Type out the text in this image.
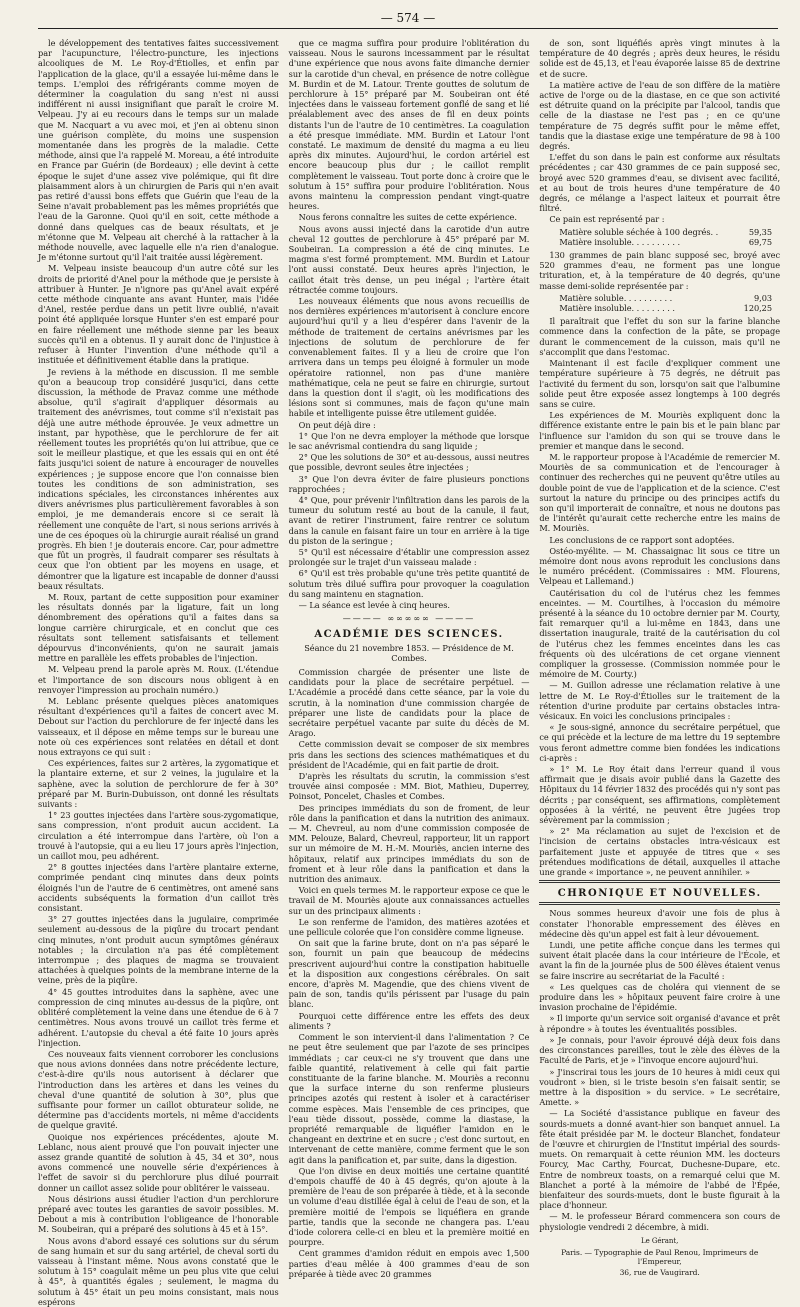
— 574 —

le développement des tentatives faites successivement par l'acupuncture, l'électro-puncture, les injections alcooliques de M. Le Roy-d'Étiolles, et enfin par l'application de la glace, qu'il a essayée lui-même dans le temps. L'emploi des réfrigérants comme moyen de déterminer la coagulation du sang n'est ni aussi indifférent ni aussi insignifiant que paraît le croire M. Velpeau. J'y ai eu recours dans le temps sur un malade que M. Nacquart a vu avec moi, et j'en ai obtenu sinon une guérison complète, du moins une suspension momentanée dans les progrès de la maladie. Cette méthode, ainsi que l'a rappelé M. Moreau, a été introduite en France par Guérin (de Bordeaux) ; elle devint à cette époque le sujet d'une assez vive polémique, qui fit dire plaisamment alors à un chirurgien de Paris qui n'en avait pas retiré d'aussi bons effets que Guérin que l'eau de la Seine n'avait probablement pas les mêmes propriétés que l'eau de la Garonne. Quoi qu'il en soit, cette méthode a donné dans quelques cas de beaux résultats, et je m'étonne que M. Velpeau ait cherché à la rattacher à la méthode nouvelle, avec laquelle elle n'a rien d'analogue. Je m'étonne surtout qu'il l'ait traitée aussi légèrement.

M. Velpeau insiste beaucoup d'un autre côté sur les droits de priorité d'Anel pour la méthode que je persiste à attribuer à Hunter. Je n'ignore pas qu'Anel avait expéré cette méthode cinquante ans avant Hunter, mais l'idée d'Anel, restée perdue dans un petit livre oublié, n'avait point été appliquée lorsque Hunter s'en est emparé pour en faire réellement une méthode sienne par les beaux succès qu'il en a obtenus. Il y aurait donc de l'injustice à refuser à Hunter l'invention d'une méthode qu'il a instituée et définitivement établie dans la pratique.

Je reviens à la méthode en discussion. Il me semble qu'on a beaucoup trop considéré jusqu'ici, dans cette discussion, la méthode de Pravaz comme une méthode absolue, qu'il s'agirait d'appliquer désormais au traitement des anévrismes, tout comme s'il n'existait pas déjà une autre méthode éprouvée. Je veux admettre un instant, par hypothèse, que le perchlorure de fer ait réellement toutes les propriétés qu'on lui attribue, que ce soit le meilleur plastique, et que les essais qui en ont été faits jusqu'ici soient de nature à encourager de nouvelles expériences ; je suppose encore que l'on connaisse bien toutes les conditions de son administration, ses indications spéciales, les circonstances inhérentes aux divers anévrismes plus particulièrement favorables à son emploi, je me demanderais encore si ce serait là réellement une conquête de l'art, si nous serions arrivés à une de ces époques où la chirurgie aurait réalisé un grand progrès. Eh bien ! je douterais encore. Car, pour admettre que fût un progrès, il faudrait comparer ses résultats à ceux que l'on obtient par les moyens en usage, et démontrer que la ligature est incapable de donner d'aussi beaux résultats.

M. Roux, partant de cette supposition pour examiner les résultats donnés par la ligature, fait un long dénombrement des opérations qu'il a faites dans sa longue carrière chirurgicale, et en conclut que ces résultats sont tellement satisfaisants et tellement dépourvus d'inconvénients, qu'on ne saurait jamais mettre en parallèle les effets probables de l'injection.

M. Velpeau prend la parole après M. Roux. (L'étendue et l'importance de son discours nous obligent à en renvoyer l'impression au prochain numéro.)

M. Leblanc présente quelques pièces anatomiques résultant d'expériences qu'il a faites de concert avec M. Debout sur l'action du perchlorure de fer injecté dans les vaisseaux, et il dépose en même temps sur le bureau une note où ces expériences sont relatées en détail et dont nous extrayons ce qui suit :

Ces expériences, faites sur 2 artères, la zygomatique et la plantaire externe, et sur 2 veines, la jugulaire et la saphène, avec la solution de perchlorure de fer à 30° préparé par M. Burin-Dubuisson, ont donné les résultats suivants :

1° 23 gouttes injectées dans l'artère sous-zygomatique, sans compression, n'ont produit aucun accident. La circulation a été interrompue dans l'artère, où l'on a trouvé à l'autopsie, qui a eu lieu 17 jours après l'injection, un caillot mou, peu adhérent.

2° 8 gouttes injectées dans l'artère plantaire externe, comprimée pendant cinq minutes dans deux points éloignés l'un de l'autre de 6 centimètres, ont amené sans accidents subséquents la formation d'un caillot très consistant.

3° 27 gouttes injectées dans la jugulaire, comprimée seulement au-dessous de la piqûre du trocart pendant cinq minutes, n'ont produit aucun symptômes généraux notables ; la circulation n'a pas été complètement interrompue ; des plaques de magma se trouvaient attachées à quelques points de la membrane interne de la veine, près de la piqûre.

4° 45 gouttes introduites dans la saphène, avec une compression de cinq minutes au-dessus de la piqûre, ont oblitéré complètement la veine dans une étendue de 6 à 7 centimètres. Nous avons trouvé un caillot très ferme et adhérent. L'autopsie du cheval a été faite 10 jours après l'injection.

Ces nouveaux faits viennent corroborer les conclusions que nous avions données dans notre précédente lecture, c'est-à-dire qu'ils nous autorisent à déclarer que l'introduction dans les artères et dans les veines du cheval d'une quantité de solution à 30°, plus que suffisante pour former un caillot obturateur solide, ne détermine pas d'accidents mortels, ni même d'accidents de quelque gravité.

Quoique nos expériences précédentes, ajoute M. Leblanc, nous aient prouvé que l'on pouvait injecter une assez grande quantité de solution à 45, 34 et 30°, nous avons commencé une nouvelle série d'expériences à l'effet de savoir si du perchlorure plus dilué pourrait donner un caillot assez solide pour oblitérer le vaisseau.

Nous désirions aussi étudier l'action d'un perchlorure préparé avec toutes les garanties de savoir possibles. M. Debout a mis à contribution l'obligeance de l'honorable M. Soubeiran, qui a préparé des solutions à 45 et à 15°.

Nous avons d'abord essayé ces solutions sur du sérum de sang humain et sur du sang artériel, de cheval sorti du vaisseau à l'instant même. Nous avons constaté que le solutum à 15° coagulait même un peu plus vite que celui à 45°, à quantités égales ; seulement, le magma du solutum à 45° était un peu moins consistant, mais nous espérons

que ce magma suffira pour produire l'oblitération du vaisseau. Nous le saurons incessamment par le résultat d'une expérience que nous avons faite dimanche dernier sur la carotide d'un cheval, en présence de notre collègue M. Burdin et de M. Latour. Trente gouttes de solutum de perchlorure à 15° préparé par M. Soubeiran ont été injectées dans le vaisseau fortement gonflé de sang et lié préalablement avec des anses de fil en deux points distants l'un de l'autre de 10 centimètres. La coagulation a été presque immédiate. MM. Burdin et Latour l'ont constaté. Le maximum de densité du magma a eu lieu après dix minutes. Aujourd'hui, le cordon artériel est encore beaucoup plus dur ; le caillot remplit complètement le vaisseau. Tout porte donc à croire que le solutum à 15° suffira pour produire l'oblitération. Nous avons maintenu la compression pendant vingt-quatre heures.

Nous ferons connaître les suites de cette expérience.

Nous avons aussi injecté dans la carotide d'un autre cheval 12 gouttes de perchlorure à 45° préparé par M. Soubeiran. La compression a été de cinq minutes. Le magma s'est formé promptement. MM. Burdin et Latour l'ont aussi constaté. Deux heures après l'injection, le caillot était très dense, un peu inégal ; l'artère était rétractée comme toujours.

Les nouveaux éléments que nous avons recueillis de nos dernières expériences m'autorisent à conclure encore aujourd'hui qu'il y a lieu d'espérer dans l'avenir de la méthode de traitement de certains anévrismes par les injections de solutum de perchlorure de fer convenablement faites. Il y a lieu de croire que l'on arrivera dans un temps peu éloigné à formuler un mode opératoire rationnel, non pas d'une manière mathématique, cela ne peut se faire en chirurgie, surtout dans la question dont il s'agit, où les modifications des lésions sont si communes, mais de façon qu'une main habile et intelligente puisse être utilement guidée.

On peut déjà dire :

1° Que l'on ne devra employer la méthode que lorsque le sac anévrismal contiendra du sang liquide ;

2° Que les solutions de 30° et au-dessous, aussi neutres que possible, devront seules être injectées ;

3° Que l'on devra éviter de faire plusieurs ponctions rapprochées ;

4° Que, pour prévenir l'infiltration dans les parois de la tumeur du solutum resté au bout de la canule, il faut, avant de retirer l'instrument, faire rentrer ce solutum dans la canule en faisant faire un tour en arrière à la tige du piston de la seringue ;

5° Qu'il est nécessaire d'établir une compression assez prolongée sur le trajet d'un vaisseau malade :

6° Qu'il est très probable qu'une très petite quantité de solutum très dilué suffira pour provoquer la coagulation du sang maintenu en stagnation.

— La séance est levée à cinq heures.

———— ∞∞∞∞∞ ————
ACADÉMIE DES SCIENCES.
Séance du 21 novembre 1853. — Présidence de M. Combes.

Commission chargée de présenter une liste de candidats pour la place de secrétaire perpétuel. — L'Académie a procédé dans cette séance, par la voie du scrutin, à la nomination d'une commission chargée de préparer une liste de candidats pour la place de secrétaire perpétuel vacante par suite du décès de M. Arago.

Cette commission devait se composer de six membres pris dans les sections des sciences mathématiques et du président de l'Académie, qui en fait partie de droit.

D'après les résultats du scrutin, la commission s'est trouvée ainsi composée : MM. Biot, Mathieu, Duperrey, Poinsot, Poncelet, Chasles et Combes.

Des principes immédiats du son de froment, de leur rôle dans la panification et dans la nutrition des animaux. — M. Chevreul, au nom d'une commission composée de MM. Pelouze, Balard, Chevreul, rapporteur, lit un rapport sur un mémoire de M. H.-M. Mouriès, ancien interne des hôpitaux, relatif aux principes immédiats du son de froment et à leur rôle dans la panification et dans la nutrition des animaux.

Voici en quels termes M. le rapporteur expose ce que le travail de M. Mouriès ajoute aux connaissances actuelles sur un des principaux aliments :

Le son renferme de l'amidon, des matières azotées et une pellicule colorée que l'on considère comme ligneuse.

On sait que la farine brute, dont on n'a pas séparé le son, fournit un pain que beaucoup de médecins prescrivent aujourd'hui contre la constipation habituelle et la disposition aux congestions cérébrales. On sait encore, d'après M. Magendie, que des chiens vivent de pain de son, tandis qu'ils périssent par l'usage du pain blanc.

Pourquoi cette différence entre les effets des deux aliments ?

Comment le son intervient-il dans l'alimentation ? Ce ne peut être seulement que par l'azote de ses principes immédiats ; car ceux-ci ne s'y trouvent que dans une faible quantité, relativement à celle qui fait partie constituante de la farine blanche. M. Mouriès a reconnu que la surface interne du son renferme plusieurs principes azotés qui restent à isoler et à caractériser comme espèces. Mais l'ensemble de ces principes, que l'eau tiède dissout, possède, comme la diastase, la propriété remarquable de liquéfier l'amidon en le changeant en dextrine et en sucre ; c'est donc surtout, en intervenant de cette manière, comme ferment que le son agit dans la panification et, par suite, dans la digestion.

Que l'on divise en deux moitiés une certaine quantité d'empois chauffé de 40 à 45 degrés, qu'on ajoute à la première de l'eau de son préparée à tiède, et à la seconde un volume d'eau distillée égal à celui de l'eau de son, et la première moitié de l'empois se liquéfiera en grande partie, tandis que la seconde ne changera pas. L'eau d'iode colorera celle-ci en bleu et la première moitié en pourpre.

Cent grammes d'amidon réduit en empois avec 1,500 parties d'eau mêlée à 400 grammes d'eau de son préparée à tiède avec 20 grammes

de son, sont liquéfiés après vingt minutes à la température de 40 degrés ; après deux heures, le résidu solide est de 45,13, et l'eau évaporée laisse 85 de dextrine et de sucre.

La matière active de l'eau de son diffère de la matière active de l'orge ou de la diastase, en ce que son activité est détruite quand on la précipite par l'alcool, tandis que celle de la diastase ne l'est pas ; en ce qu'une température de 75 degrés suffit pour le même effet, tandis que la diastase exige une température de 98 à 100 degrés.

L'effet du son dans le pain est conforme aux résultats précédentes ; car 430 grammes de ce pain supposé sec, broyé avec 520 grammes d'eau, se divisent avec facilité, et au bout de trois heures d'une température de 40 degrés, ce mélange a l'aspect laiteux et pourrait être filtré.

Ce pain est représenté par :

Matière soluble séchée à 100 degrés. .	59,35
Matière insoluble. . . . . . . . . .	69,75

130 grammes de pain blanc supposé sec, broyé avec 520 grammes d'eau, ne forment pas une longue trituration, et, à la température de 40 degrés, qu'une masse demi-solide représentée par :

Matière soluble. . . . . . . . . .	9,03
Matière insoluble. . . . . . . . .	120,25

Il paraîtrait que l'effet du son sur la farine blanche commence dans la confection de la pâte, se propage durant le commencement de la cuisson, mais qu'il ne s'accomplit que dans l'estomac.

Maintenant il est facile d'expliquer comment une température supérieure à 75 degrés, ne détruit pas l'activité du ferment du son, lorsqu'on sait que l'albumine solide peut être exposée assez longtemps à 100 degrés sans se cuire.

Les expériences de M. Mouriès expliquent donc la différence existante entre le pain bis et le pain blanc par l'influence sur l'amidon du son qui se trouve dans le premier et manque dans le second.

M. le rapporteur propose à l'Académie de remercier M. Mouriès de sa communication et de l'encourager à continuer des recherches qui ne peuvent qu'être utiles au double point de vue de l'application et de la science. C'est surtout la nature du principe ou des principes actifs du son qu'il importerait de connaître, et nous ne doutons pas de l'intérêt qu'aurait cette recherche entre les mains de M. Mouriès.

Les conclusions de ce rapport sont adoptées.

Ostéo-myélite. — M. Chassaignac lit sous ce titre un mémoire dont nous avons reproduit les conclusions dans le numéro précédent. (Commissaires : MM. Flourens, Velpeau et Lallemand.)

Cautérisation du col de l'utérus chez les femmes enceintes. — M. Courtilhes, à l'occasion du mémoire présenté à la séance du 10 octobre dernier par M. Courty, fait remarquer qu'il a lui-même en 1843, dans une dissertation inaugurale, traité de la cautérisation du col de l'utérus chez les femmes enceintes dans les cas fréquents où des ulcérations de cet organe viennent compliquer la grossesse. (Commission nommée pour le mémoire de M. Courty.)

— M. Guillon adresse une réclamation relative à une lettre de M. Le Roy-d'Étiolles sur le traitement de la rétention d'urine produite par certains obstacles intra-vésicaux. En voici les conclusions principales :

« Je sous-signé, annonce du secrétaire perpétuel, que ce qui précède et la lecture de ma lettre du 19 septembre vous feront admettre comme bien fondées les indications ci-après :

» 1° M. Le Roy était dans l'erreur quand il vous affirmait que je disais avoir publié dans la Gazette des Hôpitaux du 14 février 1832 des procédés qui n'y sont pas décrits ; par conséquent, ses affirmations, complètement opposées à la vérité, ne peuvent être jugées trop sévèrement par la commission ;

» 2° Ma réclamation au sujet de l'excision et de l'incision de certains obstacles intra-vésicaux est parfaitement juste et appuyée de titres que « ses prétendues modifications de détail, auxquelles il attache une grande « importance », ne peuvent annihiler. »

CHRONIQUE ET NOUVELLES.

Nous sommes heureux d'avoir une fois de plus à constater l'honorable empressement des élèves en médecine dès qu'un appel est fait à leur dévouement.

Lundi, une petite affiche conçue dans les termes qui suivent était placée dans la cour intérieure de l'École, et avant la fin de la journée plus de 500 élèves étaient venus se faire inscrire au secrétariat de la Faculté :

« Les quelques cas de choléra qui viennent de se produire dans les » hôpitaux peuvent faire croire à une invasion prochaine de l'épidémie.

» Il importe qu'un service soit organisé d'avance et prêt à répondre » à toutes les éventualités possibles.

» Je connais, pour l'avoir éprouvé déjà deux fois dans des circonstances pareilles, tout le zèle des élèves de la Faculté de Paris, et je » l'invoque encore aujourd'hui.

» J'inscrirai tous les jours de 10 heures à midi ceux qui voudront » bien, si le triste besoin s'en faisait sentir, se mettre à la disposition » du service. » Le secrétaire, Amette. »

— La Société d'assistance publique en faveur des sourds-muets a donné avant-hier son banquet annuel. La fête était présidée par M. le docteur Blanchet, fondateur de l'œuvre et chirurgien de l'Institut impérial des sourds-muets. On remarquait à cette réunion MM. les docteurs Fourcy, Mac Carthy, Fourcat, Duchesne-Dupare, etc. Entre de nombreux toasts, on a remarqué celui que M. Blanchet a porté à la mémoire de l'abbé de l'Épée, bienfaiteur des sourds-muets, dont le buste figurait à la place d'honneur.

— M. le professeur Bérard commencera son cours de physiologie vendredi 2 décembre, à midi.

Le Gérant,
Paris. — Typographie de Paul Renou, Imprimeurs de l'Empereur,
36, rue de Vaugirard.
